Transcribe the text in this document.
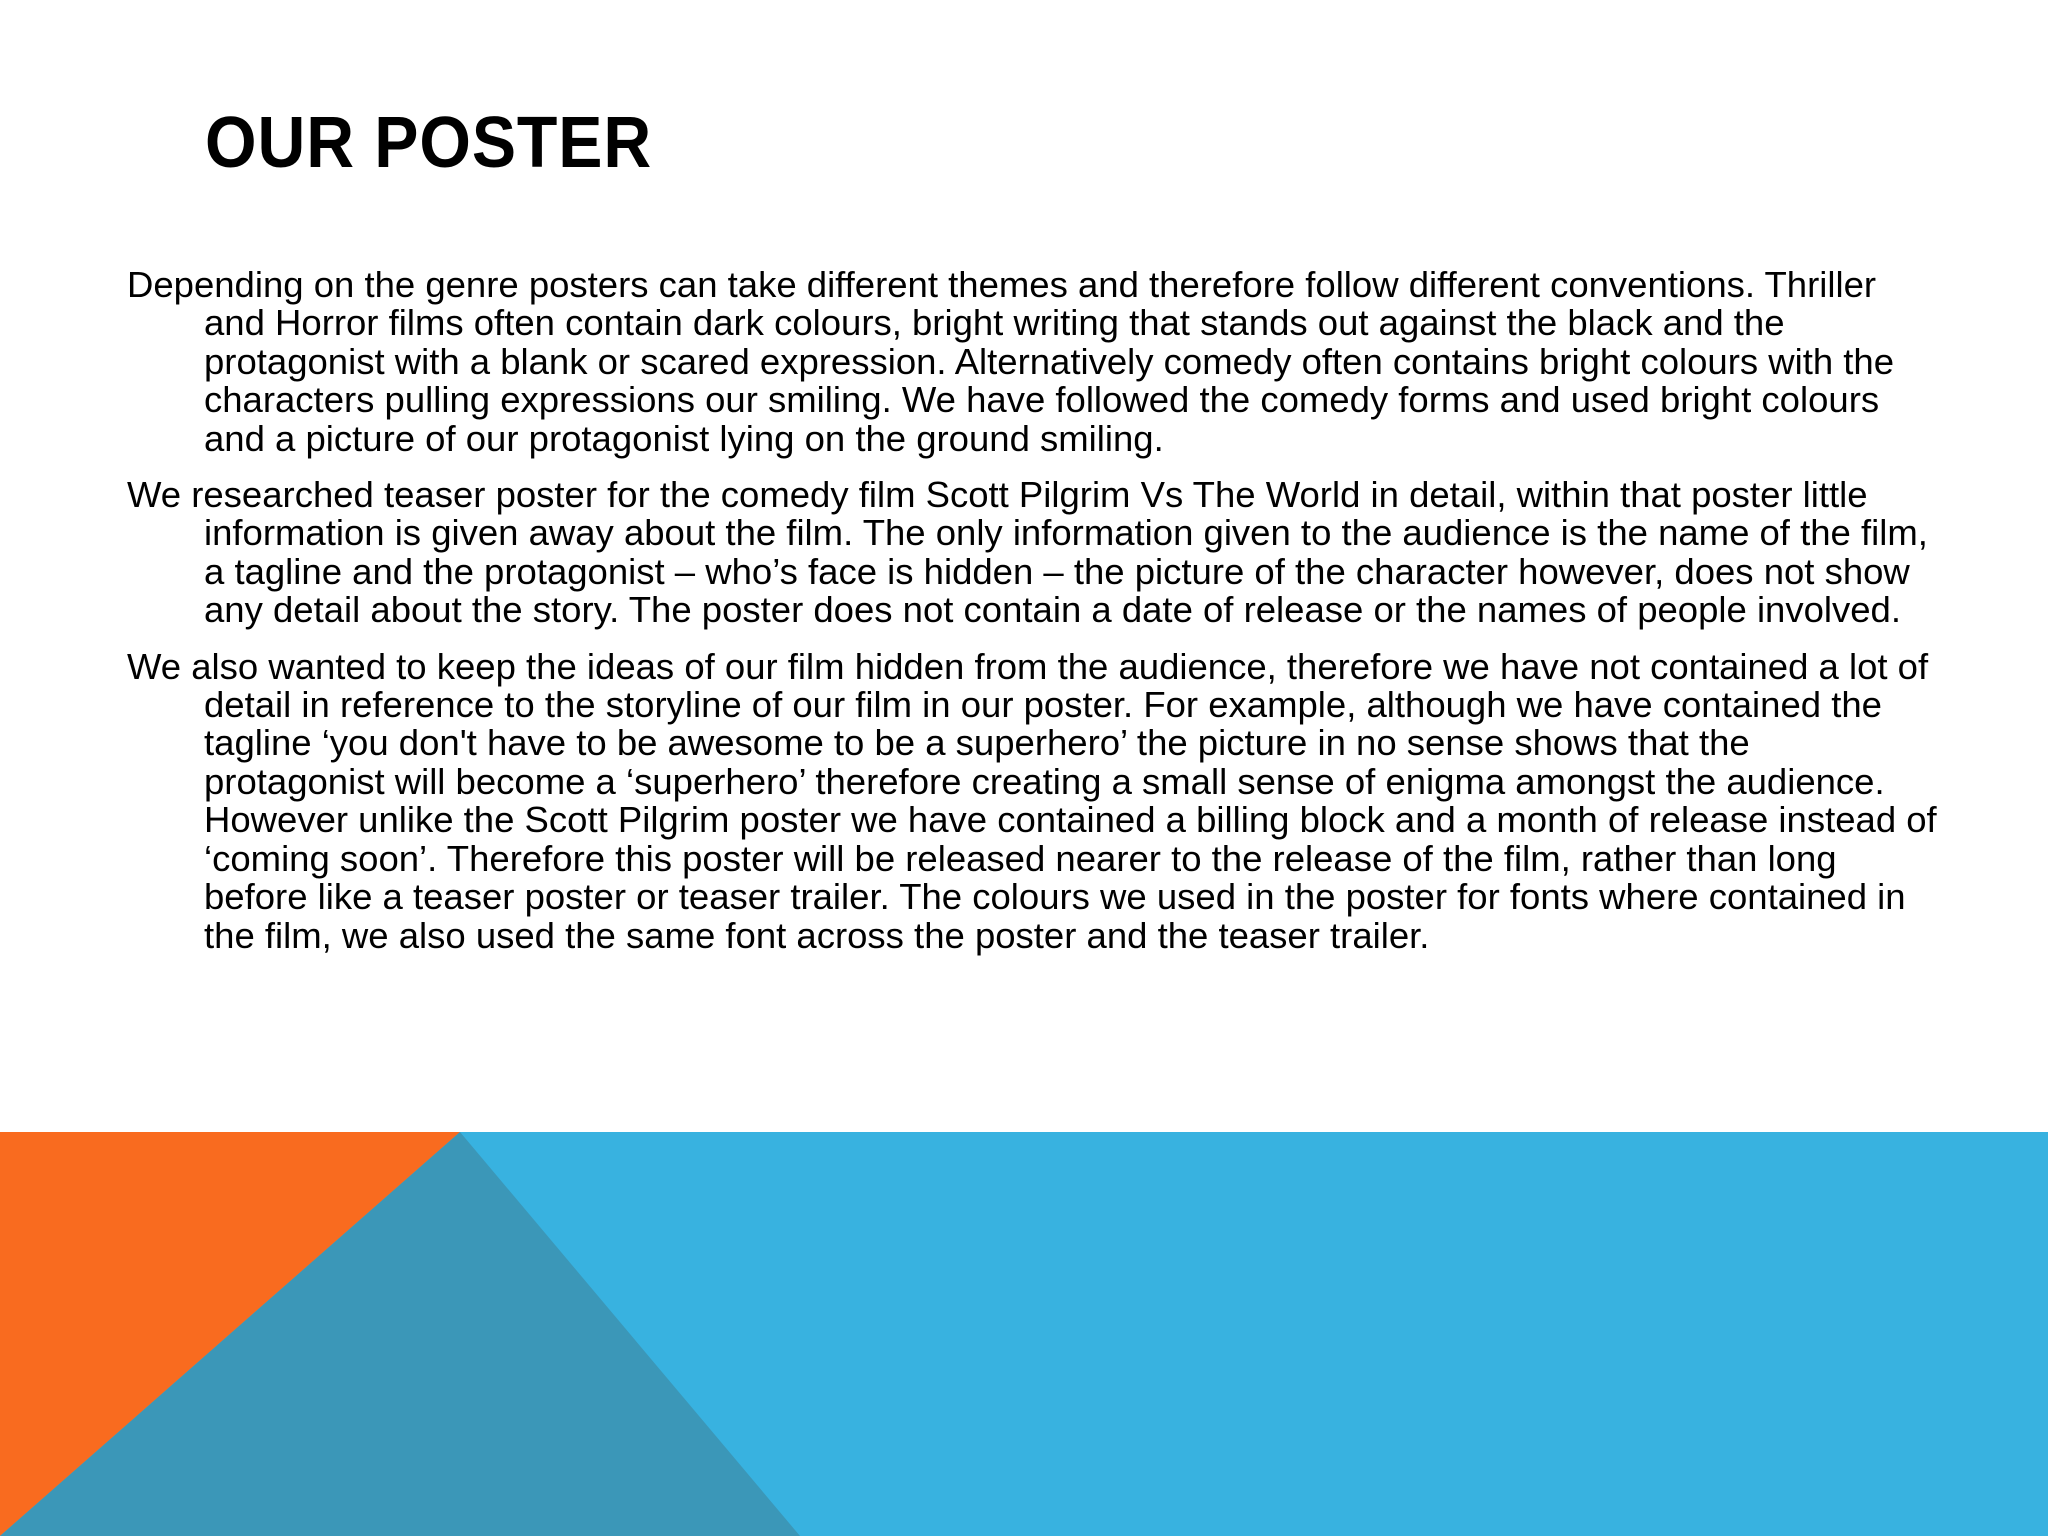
OUR POSTER

Depending on the genre posters can take different themes and therefore follow different conventions. Thriller and Horror films often contain dark colours, bright writing that stands out against the black and the protagonist with a blank or scared expression. Alternatively comedy often contains bright colours with the characters pulling expressions our smiling. We have followed the comedy forms and used bright colours and a picture of our protagonist lying on the ground smiling.

We researched teaser poster for the comedy film Scott Pilgrim Vs The World in detail, within that poster little information is given away about the film. The only information given to the audience is the name of the film, a tagline and the protagonist – who’s face is hidden – the picture of the character however, does not show any detail about the story. The poster does not contain a date of release or the names of people involved.

We also wanted to keep the ideas of our film hidden from the audience, therefore we have not contained a lot of detail in reference to the storyline of our film in our poster. For example, although we have contained the tagline ‘you don't have to be awesome to be a superhero’ the picture in no sense shows that the protagonist will become a ‘superhero’ therefore creating a small sense of enigma amongst the audience. However unlike the Scott Pilgrim poster we have contained a billing block and a month of release instead of ‘coming soon’. Therefore this poster will be released nearer to the release of the film, rather than long before like a teaser poster or teaser trailer. The colours we used in the poster for fonts where contained in the film, we also used the same font across the poster and the teaser trailer.
